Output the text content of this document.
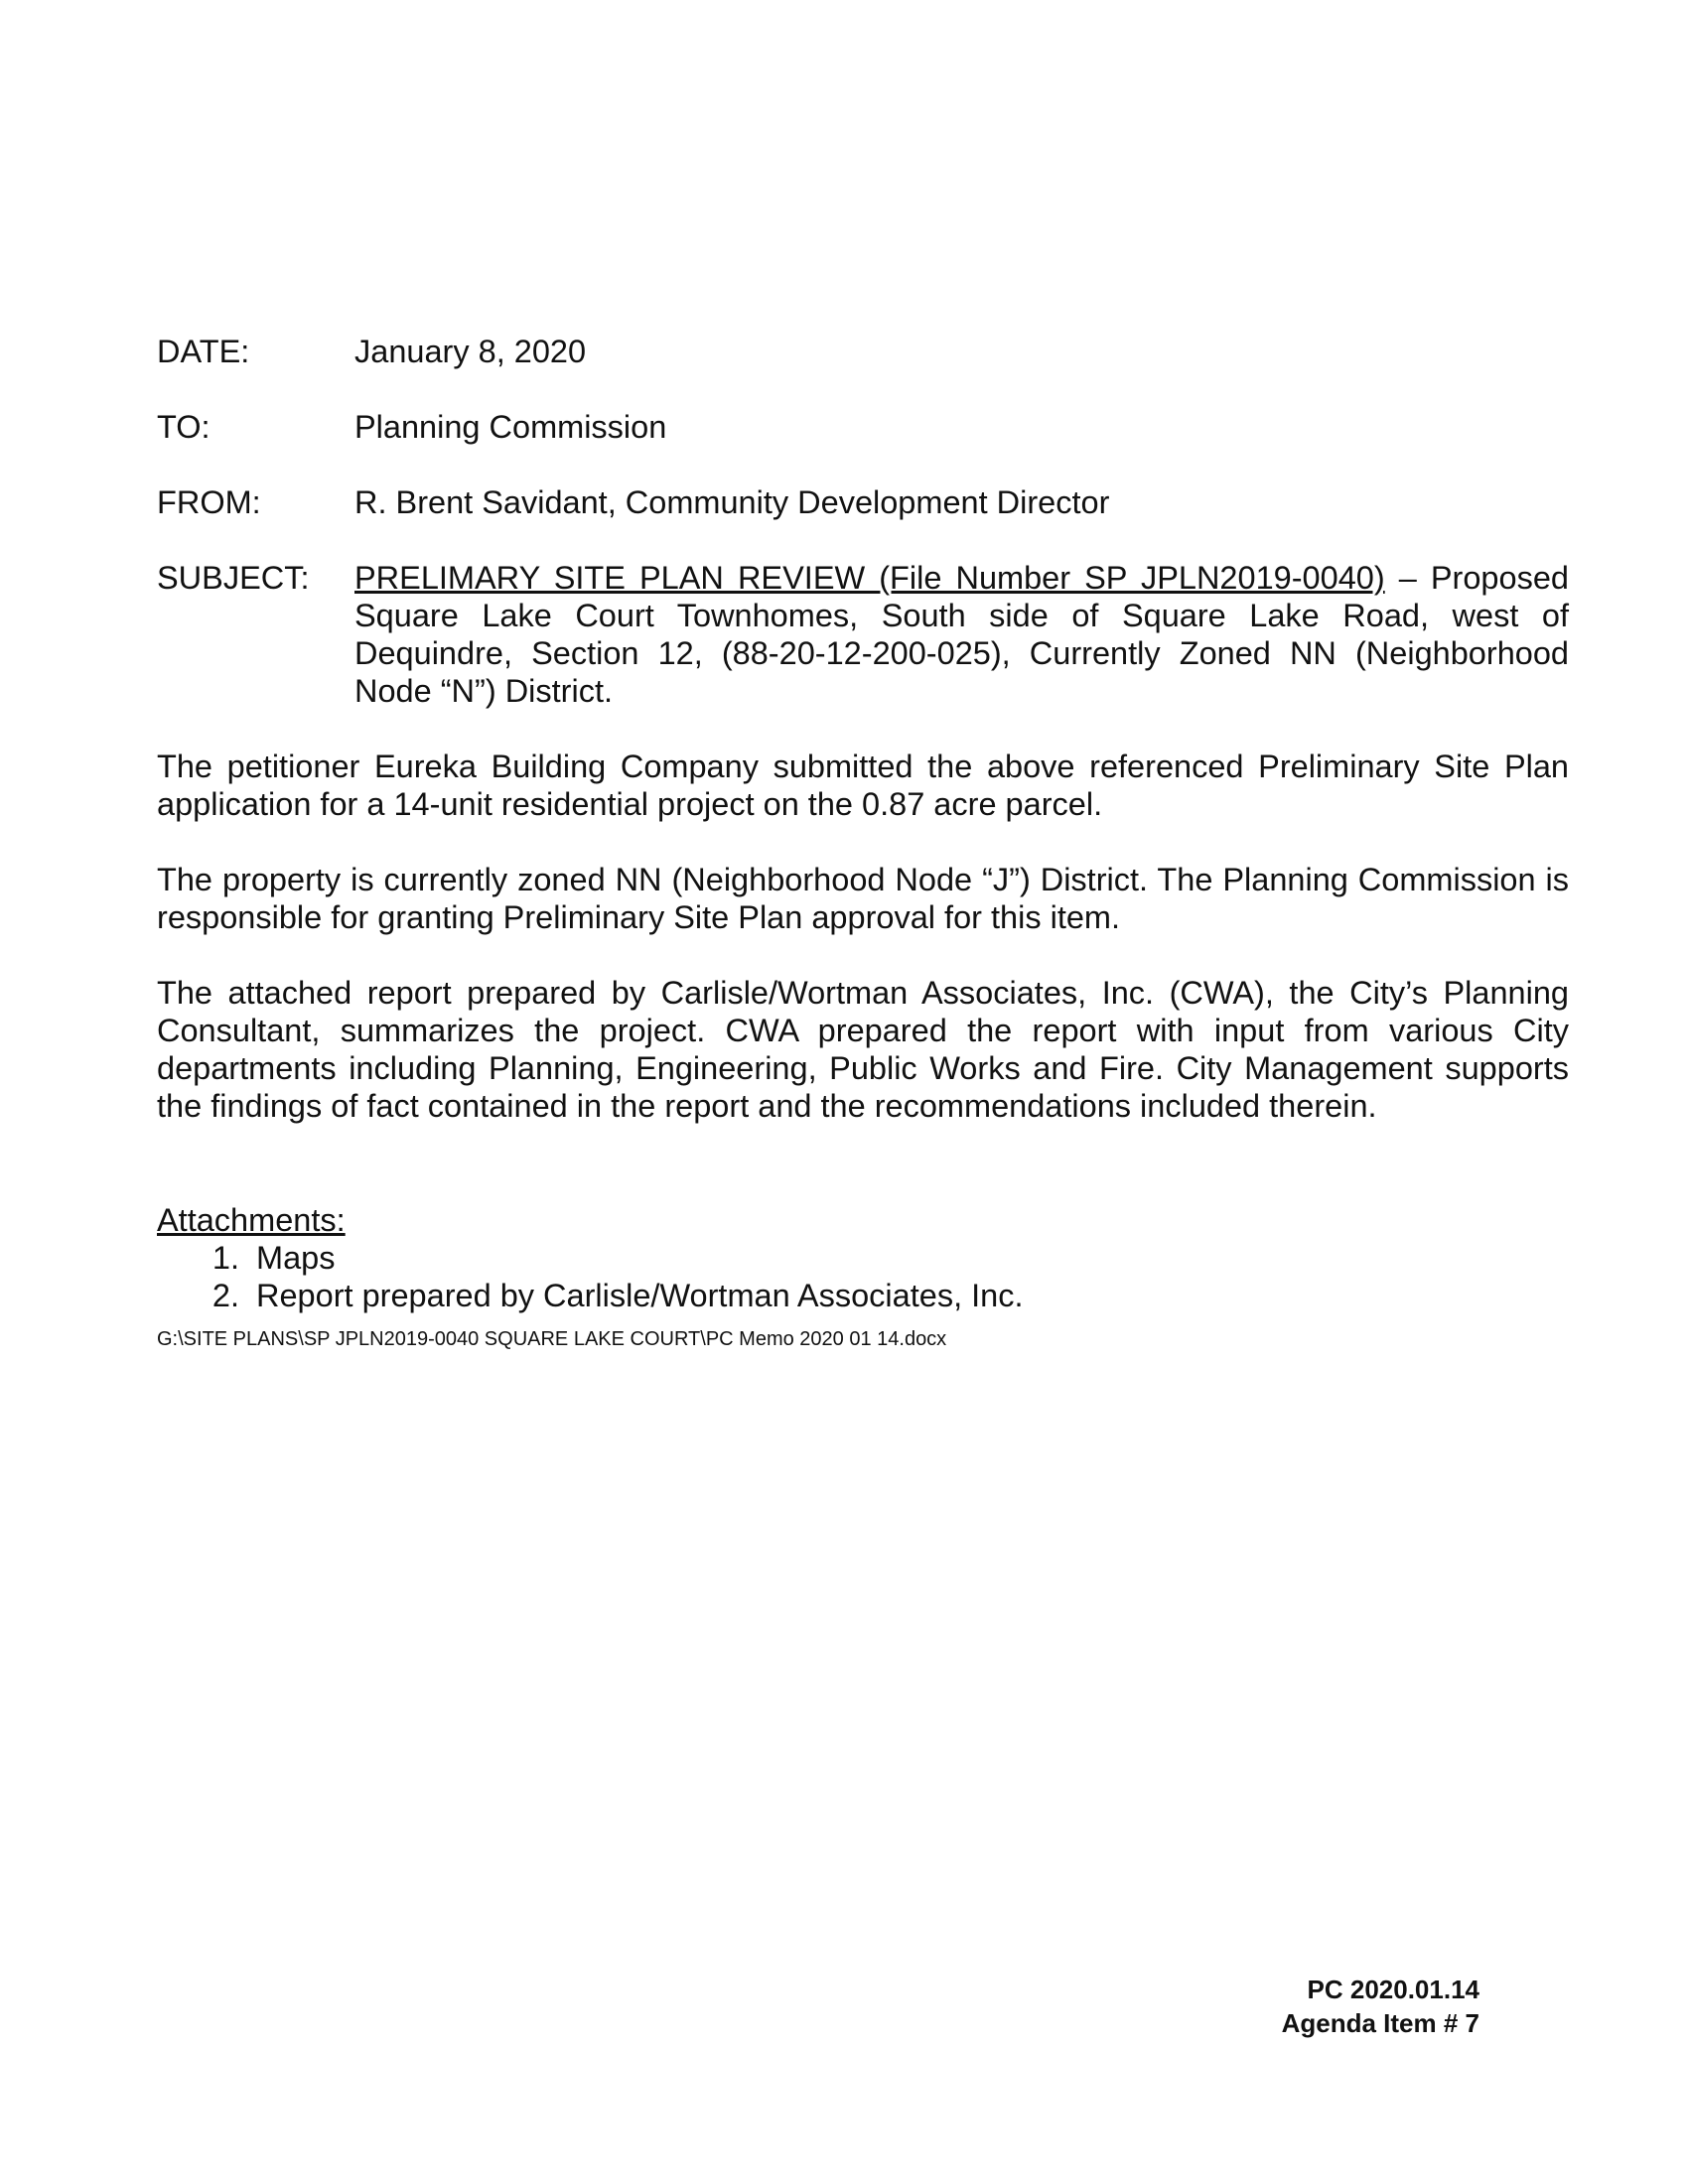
DATE:	January 8, 2020
TO:	Planning Commission
FROM:	R. Brent Savidant, Community Development Director
SUBJECT:	PRELIMARY SITE PLAN REVIEW (File Number SP JPLN2019-0040) – Proposed Square Lake Court Townhomes, South side of Square Lake Road, west of Dequindre, Section 12, (88-20-12-200-025), Currently Zoned NN (Neighborhood Node “N”) District.

The petitioner Eureka Building Company submitted the above referenced Preliminary Site Plan application for a 14-unit residential project on the 0.87 acre parcel.

The property is currently zoned NN (Neighborhood Node “J”) District. The Planning Commission is responsible for granting Preliminary Site Plan approval for this item.

The attached report prepared by Carlisle/Wortman Associates, Inc. (CWA), the City’s Planning Consultant, summarizes the project. CWA prepared the report with input from various City departments including Planning, Engineering, Public Works and Fire. City Management supports the findings of fact contained in the report and the recommendations included therein.

Attachments:
1. Maps
2. Report prepared by Carlisle/Wortman Associates, Inc.
G:\SITE PLANS\SP JPLN2019-0040 SQUARE LAKE COURT\PC Memo 2020 01 14.docx
PC 2020.01.14
Agenda Item # 7
